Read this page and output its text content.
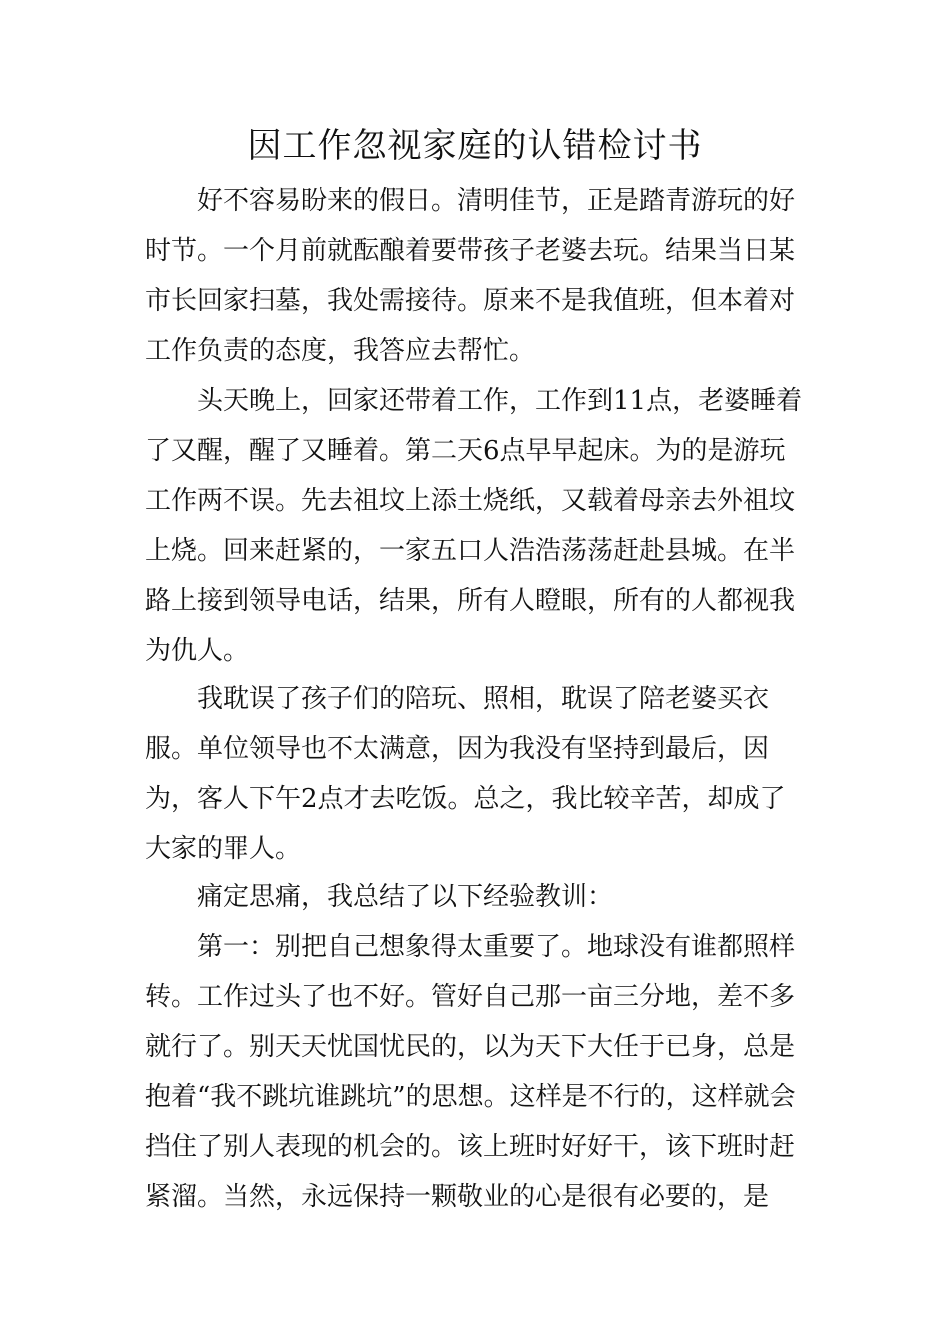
因工作忽视家庭的认错检讨书

好不容易盼来的假日。清明佳节，正是踏青游玩的好时节。一个月前就酝酿着要带孩子老婆去玩。结果当日某市长回家扫墓，我处需接待。原来不是我值班，但本着对工作负责的态度，我答应去帮忙。

头天晚上，回家还带着工作，工作到11点，老婆睡着了又醒，醒了又睡着。第二天6点早早起床。为的是游玩工作两不误。先去祖坟上添土烧纸，又载着母亲去外祖坟上烧。回来赶紧的，一家五口人浩浩荡荡赶赴县城。在半路上接到领导电话，结果，所有人瞪眼，所有的人都视我为仇人。

我耽误了孩子们的陪玩、照相，耽误了陪老婆买衣服。单位领导也不太满意，因为我没有坚持到最后，因为，客人下午2点才去吃饭。总之，我比较辛苦，却成了大家的罪人。

痛定思痛，我总结了以下经验教训：

第一：别把自己想象得太重要了。地球没有谁都照样转。工作过头了也不好。管好自己那一亩三分地，差不多就行了。别天天忧国忧民的，以为天下大任于已身，总是抱着“我不跳坑谁跳坑”的思想。这样是不行的，这样就会挡住了别人表现的机会的。该上班时好好干，该下班时赶紧溜。当然，永远保持一颗敬业的心是很有必要的，是
